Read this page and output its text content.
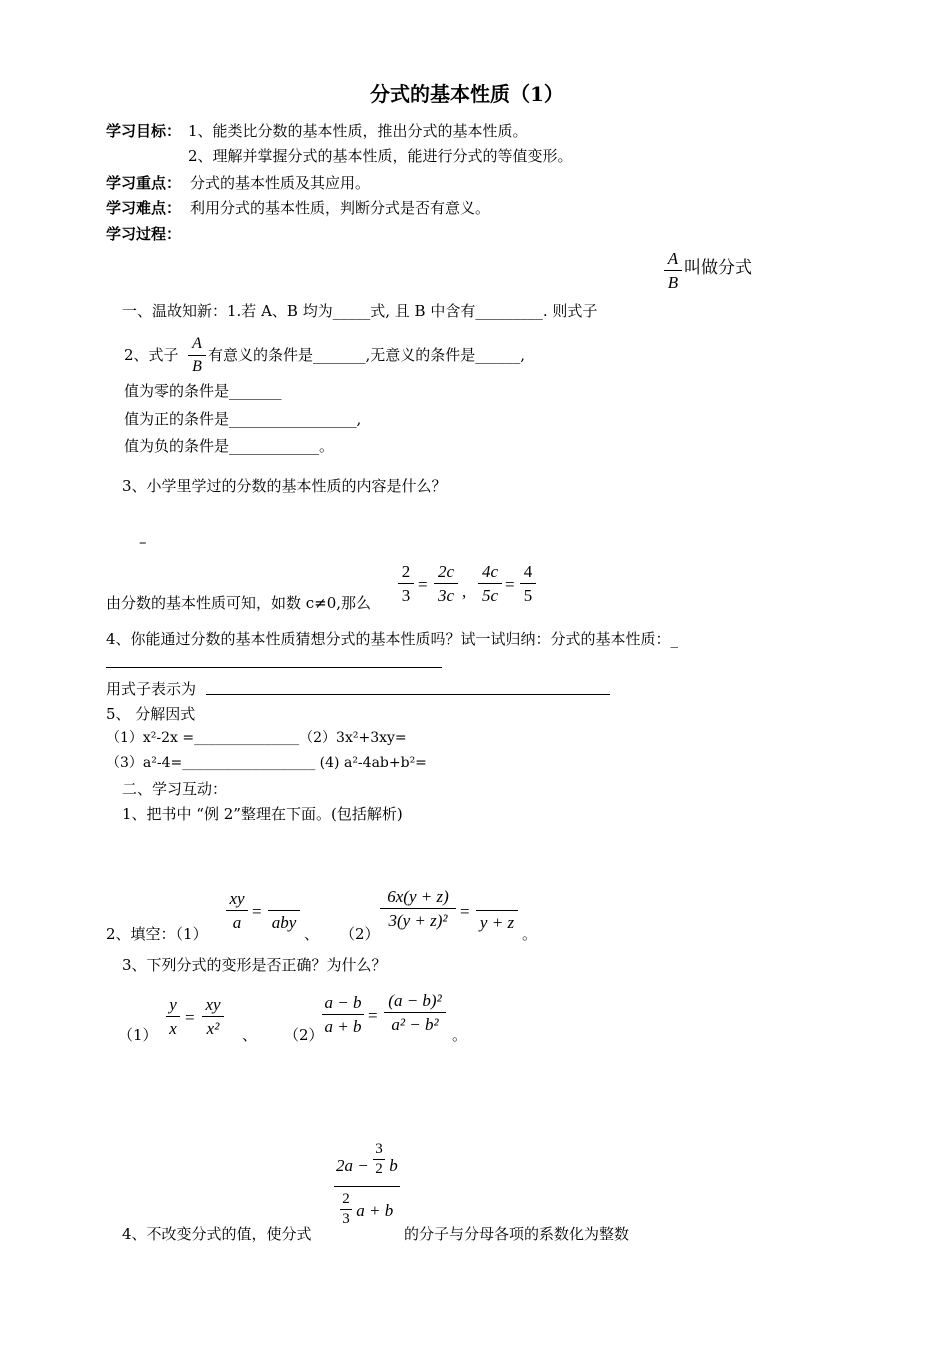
分式的基本性质（1）
学习目标： 1、能类比分数的基本性质，推出分式的基本性质。
2、理解并掌握分式的基本性质，能进行分式的等值变形。
学习重点： 分式的基本性质及其应用。
学习难点： 利用分式的基本性质，判断分式是否有意义。
学习过程：
A
B
叫做分式
一、温故知新：1.若 A、B 均为_____式, 且 B 中含有_________. 则式子
2、式子
A
B
有意义的条件是_______,无意义的条件是______,
值为零的条件是_______
值为正的条件是_________________,
值为负的条件是____________。
3、小学里学过的分数的基本性质的内容是什么？
–
由分数的基本性质可知，如数 c≠0,那么
2
3
=
2c
3c ,
4c
5c
=
4
5
4、你能通过分数的基本性质猜想分式的基本性质吗？试一试归纳：分式的基本性质：_
用式子表示为
5、 分解因式
（1）x²-2x =_______________（2）3x²+3xy=
（3）a²-4=___________________ (4) a²-4ab+b²=
二、学习互动：
1、把书中 “例 2”整理在下面。(包括解析)
2、填空：（1）
xy
a
=

aby
、 （2）
6x(y + z)
3(y + z)² =

y + z
。
3、下列分式的变形是否正确？为什么？
（1）
y
x
=
xy
x²	、 （2）
a − b
a + b
=
(a − b)²
a² − b²
。
$2a - \frac{3}{2}$ b
$\frac{2}{3}$ a + b
4、不改变分式的值，使分式	的分子与分母各项的系数化为整数
